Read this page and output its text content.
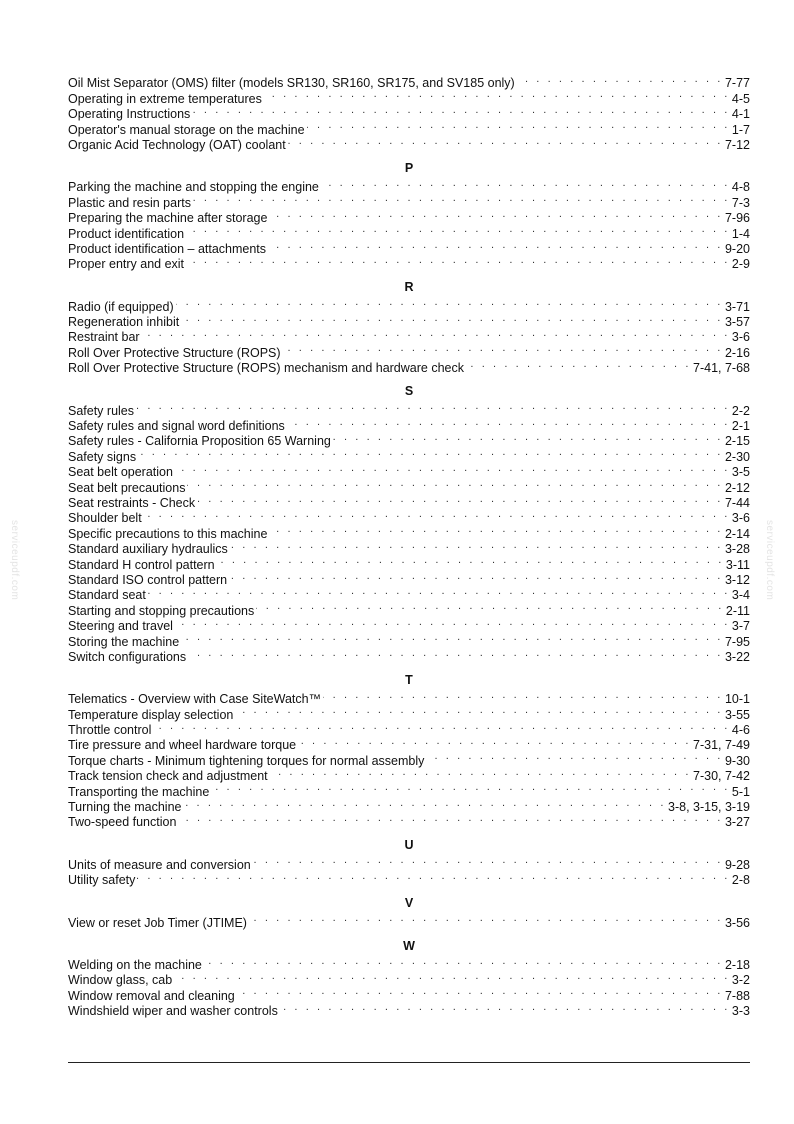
serviceupdf.com	serviceupdf.com
Oil Mist Separator (OMS) filter (models SR130, SR160, SR175, and SV185 only) . . .	7-77
Operating in extreme temperatures . . .	4-5
Operating Instructions . . .	4-1
Operator's manual storage on the machine . . .	1-7
Organic Acid Technology (OAT) coolant . . .	7-12
P
Parking the machine and stopping the engine . . .	4-8
Plastic and resin parts . . .	7-3
Preparing the machine after storage . . .	7-96
Product identification . . .	1-4
Product identification – attachments . . .	9-20
Proper entry and exit . . .	2-9
R
Radio (if equipped) . . .	3-71
Regeneration inhibit . . .	3-57
Restraint bar . . .	3-6
Roll Over Protective Structure (ROPS) . . .	2-16
Roll Over Protective Structure (ROPS) mechanism and hardware check . . .	7-41, 7-68
S
Safety rules . . .	2-2
Safety rules and signal word definitions . . .	2-1
Safety rules - California Proposition 65 Warning . . .	2-15
Safety signs . . .	2-30
Seat belt operation . . .	3-5
Seat belt precautions . . .	2-12
Seat restraints - Check . . .	7-44
Shoulder belt . . .	3-6
Specific precautions to this machine . . .	2-14
Standard auxiliary hydraulics . . .	3-28
Standard H control pattern . . .	3-11
Standard ISO control pattern . . .	3-12
Standard seat . . .	3-4
Starting and stopping precautions . . .	2-11
Steering and travel . . .	3-7
Storing the machine . . .	7-95
Switch configurations . . .	3-22
T
Telematics - Overview with Case SiteWatch™ . . .	10-1
Temperature display selection . . .	3-55
Throttle control . . .	4-6
Tire pressure and wheel hardware torque . . .	7-31, 7-49
Torque charts - Minimum tightening torques for normal assembly . . .	9-30
Track tension check and adjustment . . .	7-30, 7-42
Transporting the machine . . .	5-1
Turning the machine . . .	3-8, 3-15, 3-19
Two-speed function . . .	3-27
U
Units of measure and conversion . . .	9-28
Utility safety . . .	2-8
V
View or reset Job Timer (JTIME) . . .	3-56
W
Welding on the machine . . .	2-18
Window glass, cab . . .	3-2
Window removal and cleaning . . .	7-88
Windshield wiper and washer controls . . .	3-3
